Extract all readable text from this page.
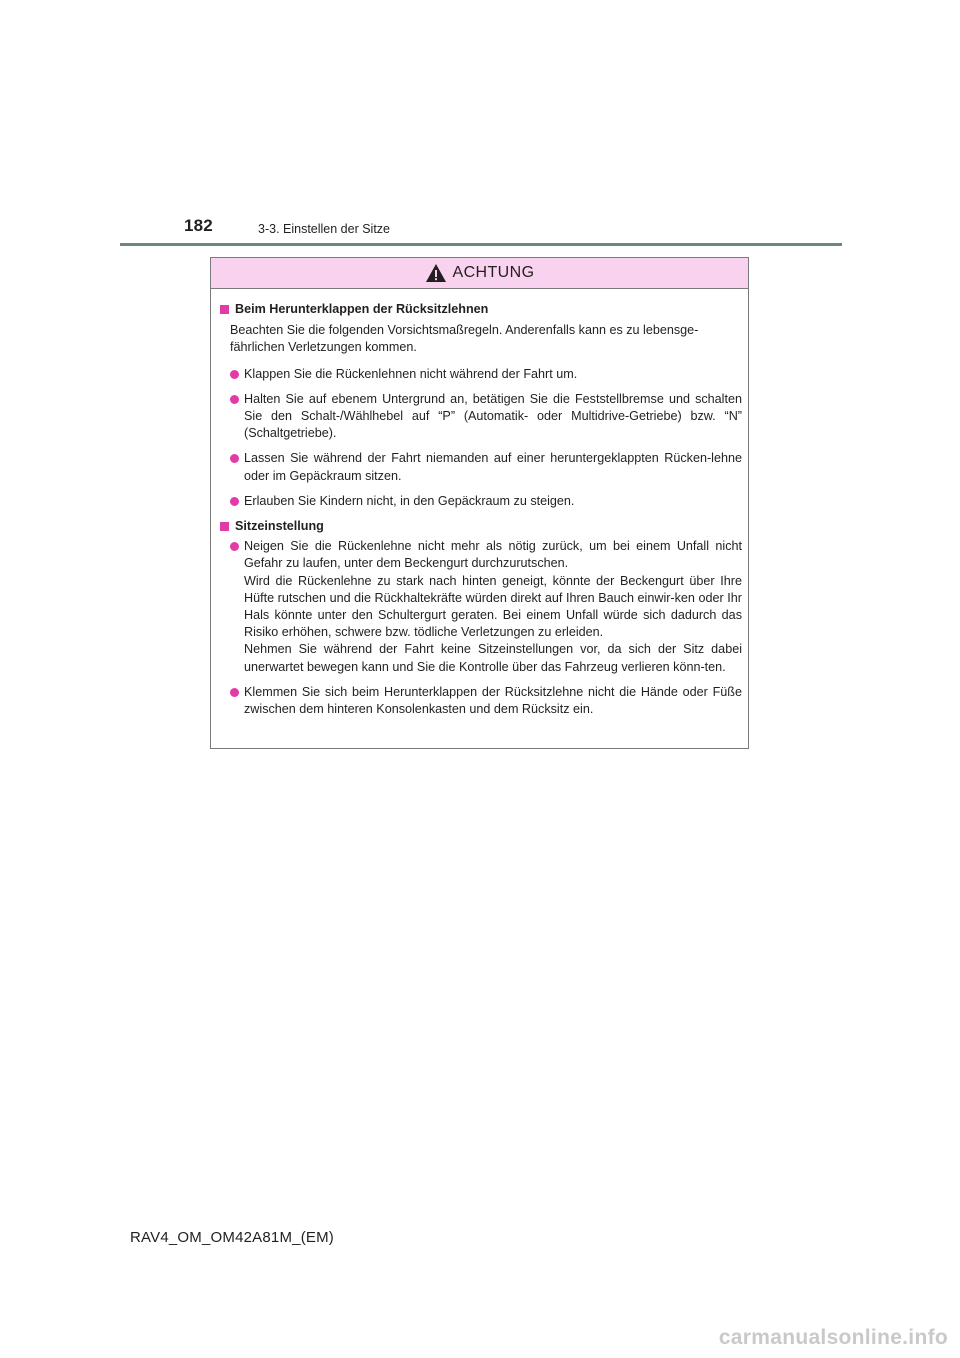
182	3-3. Einstellen der Sitze
ACHTUNG
Beim Herunterklappen der Rücksitzlehnen
Beachten Sie die folgenden Vorsichtsmaßregeln. Anderenfalls kann es zu lebensge-fährlichen Verletzungen kommen.
Klappen Sie die Rückenlehnen nicht während der Fahrt um.
Halten Sie auf ebenem Untergrund an, betätigen Sie die Feststellbremse und schalten Sie den Schalt-/Wählhebel auf “P” (Automatik- oder Multidrive-Getriebe) bzw. “N” (Schaltgetriebe).
Lassen Sie während der Fahrt niemanden auf einer heruntergeklappten Rücken-lehne oder im Gepäckraum sitzen.
Erlauben Sie Kindern nicht, in den Gepäckraum zu steigen.
Sitzeinstellung
Neigen Sie die Rückenlehne nicht mehr als nötig zurück, um bei einem Unfall nicht Gefahr zu laufen, unter dem Beckengurt durchzurutschen.
Wird die Rückenlehne zu stark nach hinten geneigt, könnte der Beckengurt über Ihre Hüfte rutschen und die Rückhaltekräfte würden direkt auf Ihren Bauch einwir-ken oder Ihr Hals könnte unter den Schultergurt geraten. Bei einem Unfall würde sich dadurch das Risiko erhöhen, schwere bzw. tödliche Verletzungen zu erleiden.
Nehmen Sie während der Fahrt keine Sitzeinstellungen vor, da sich der Sitz dabei unerwartet bewegen kann und Sie die Kontrolle über das Fahrzeug verlieren könn-ten.
Klemmen Sie sich beim Herunterklappen der Rücksitzlehne nicht die Hände oder Füße zwischen dem hinteren Konsolenkasten und dem Rücksitz ein.
RAV4_OM_OM42A81M_(EM)
carmanualsonline.info
